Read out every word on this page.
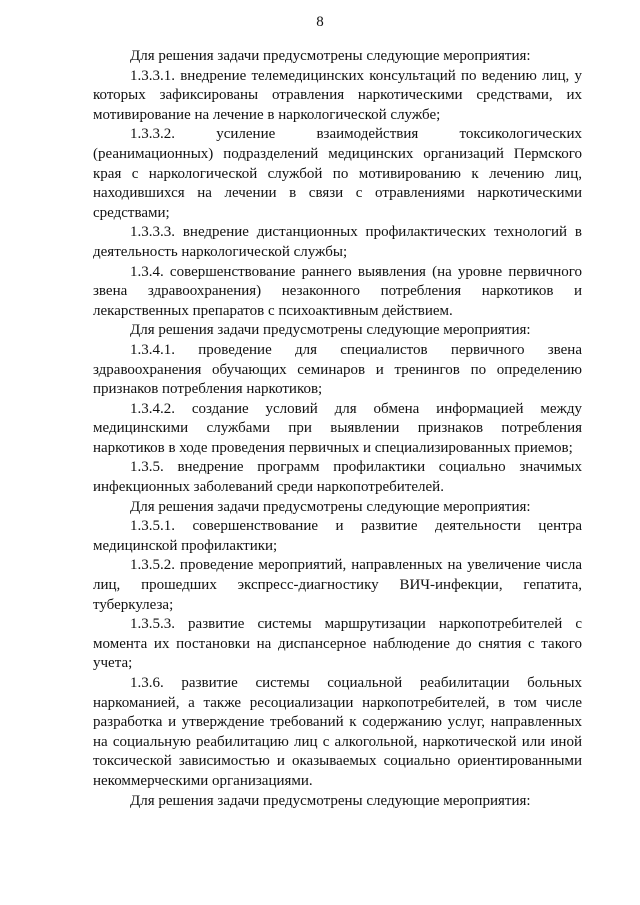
8

Для решения задачи предусмотрены следующие мероприятия:

1.3.3.1. внедрение телемедицинских консультаций по ведению лиц, у которых зафиксированы отравления наркотическими средствами, их мотивирование на лечение в наркологической службе;

1.3.3.2. усиление взаимодействия токсикологических (реанимационных) подразделений медицинских организаций Пермского края с наркологической службой по мотивированию к лечению лиц, находившихся на лечении в связи с отравлениями наркотическими средствами;

1.3.3.3. внедрение дистанционных профилактических технологий в деятельность наркологической службы;

1.3.4. совершенствование раннего выявления (на уровне первичного звена здравоохранения) незаконного потребления наркотиков и лекарственных препаратов с психоактивным действием.

Для решения задачи предусмотрены следующие мероприятия:

1.3.4.1. проведение для специалистов первичного звена здравоохранения обучающих семинаров и тренингов по определению признаков потребления наркотиков;

1.3.4.2. создание условий для обмена информацией между медицинскими службами при выявлении признаков потребления наркотиков в ходе проведения первичных и специализированных приемов;

1.3.5. внедрение программ профилактики социально значимых инфекционных заболеваний среди наркопотребителей.

Для решения задачи предусмотрены следующие мероприятия:

1.3.5.1. совершенствование и развитие деятельности центра медицинской профилактики;

1.3.5.2. проведение мероприятий, направленных на увеличение числа лиц, прошедших экспресс-диагностику ВИЧ-инфекции, гепатита, туберкулеза;

1.3.5.3. развитие системы маршрутизации наркопотребителей с момента их постановки на диспансерное наблюдение до снятия с такого учета;

1.3.6. развитие системы социальной реабилитации больных наркоманией, а также ресоциализации наркопотребителей, в том числе разработка и утверждение требований к содержанию услуг, направленных на социальную реабилитацию лиц с алкогольной, наркотической или иной токсической зависимостью и оказываемых социально ориентированными некоммерческими организациями.

Для решения задачи предусмотрены следующие мероприятия:
